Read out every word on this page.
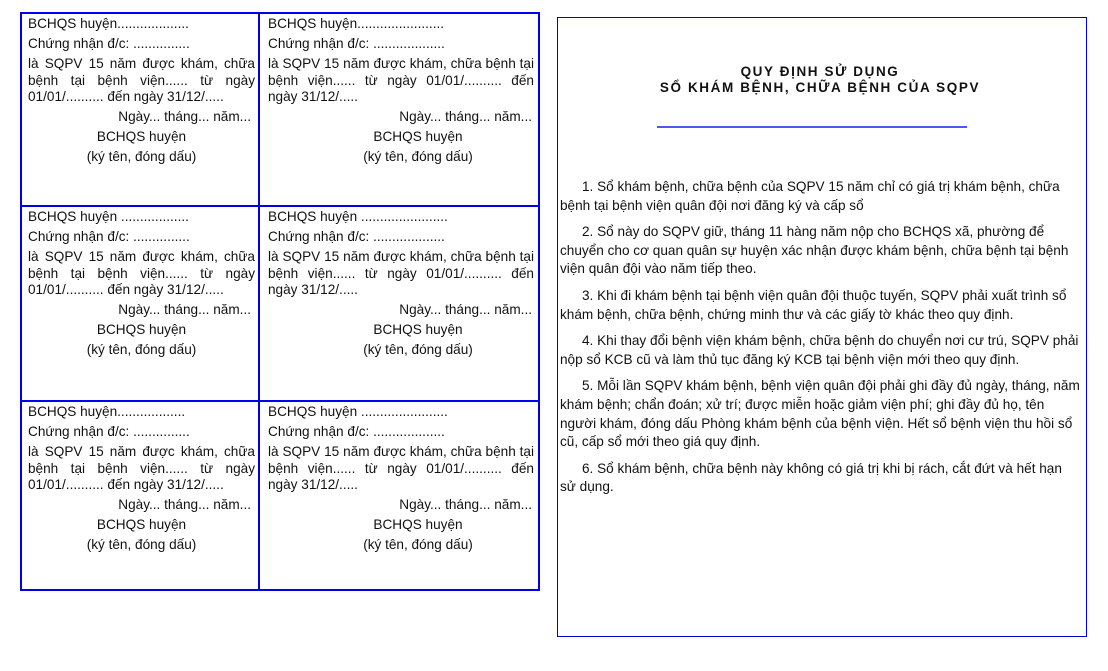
BCHQS huyện...................
Chứng nhận đ/c: ...............
là SQPV 15 năm được khám, chữa bệnh tại bệnh viện...... từ ngày 01/01/.......... đến ngày 31/12/.....
Ngày... tháng... năm...
BCHQS huyện
(ký tên, đóng dấu)
BCHQS huyện.......................
Chứng nhận đ/c: ...................
là SQPV 15 năm được khám, chữa bệnh tại bệnh viện...... từ ngày 01/01/.......... đến ngày 31/12/.....
Ngày... tháng... năm...
BCHQS huyện
(ký tên, đóng dấu)
BCHQS huyện ..................
Chứng nhận đ/c: ...............
là SQPV 15 năm được khám, chữa bệnh tại bệnh viện...... từ ngày 01/01/.......... đến ngày 31/12/.....
Ngày... tháng... năm...
BCHQS huyện
(ký tên, đóng dấu)
BCHQS huyện .......................
Chứng nhận đ/c: ...................
là SQPV 15 năm được khám, chữa bệnh tại bệnh viện...... từ ngày 01/01/.......... đến ngày 31/12/.....
Ngày... tháng... năm...
BCHQS huyện
(ký tên, đóng dấu)
BCHQS huyện..................
Chứng nhận đ/c: ...............
là SQPV 15 năm được khám, chữa bệnh tại bệnh viện...... từ ngày 01/01/.......... đến ngày 31/12/.....
Ngày... tháng... năm...
BCHQS huyện
(ký tên, đóng dấu)
BCHQS huyện .......................
Chứng nhận đ/c: ...................
là SQPV 15 năm được khám, chữa bệnh tại bệnh viện...... từ ngày 01/01/.......... đến ngày 31/12/.....
Ngày... tháng... năm...
BCHQS huyện
(ký tên, đóng dấu)
QUY ĐỊNH SỬ DỤNG
SỔ KHÁM BỆNH, CHỮA BỆNH CỦA SQPV

1. Sổ khám bệnh, chữa bệnh của SQPV 15 năm chỉ có giá trị khám bệnh, chữa bệnh tại bệnh viện quân đội nơi đăng ký và cấp sổ

2. Sổ này do SQPV giữ, tháng 11 hàng năm nộp cho BCHQS xã, phường để chuyển cho cơ quan quân sự huyện xác nhận được khám bệnh, chữa bệnh tại bệnh viện quân đội vào năm tiếp theo.

3. Khi đi khám bệnh tại bệnh viện quân đội thuộc tuyến, SQPV phải xuất trình sổ khám bệnh, chữa bệnh, chứng minh thư và các giấy tờ khác theo quy định.

4. Khi thay đổi bệnh viện khám bệnh, chữa bệnh do chuyển nơi cư trú, SQPV phải nộp sổ KCB cũ và làm thủ tục đăng ký KCB tại bệnh viện mới theo quy định.

5. Mỗi lần SQPV khám bệnh, bệnh viện quân đội phải ghi đầy đủ ngày, tháng, năm khám bệnh; chẩn đoán; xử trí; được miễn hoặc giảm viện phí; ghi đầy đủ họ, tên người khám, đóng dấu Phòng khám bệnh của bệnh viện. Hết sổ bệnh viện thu hồi sổ cũ, cấp sổ mới theo giá quy định.

6. Sổ khám bệnh, chữa bệnh này không có giá trị khi bị rách, cắt đứt và hết hạn sử dụng.
